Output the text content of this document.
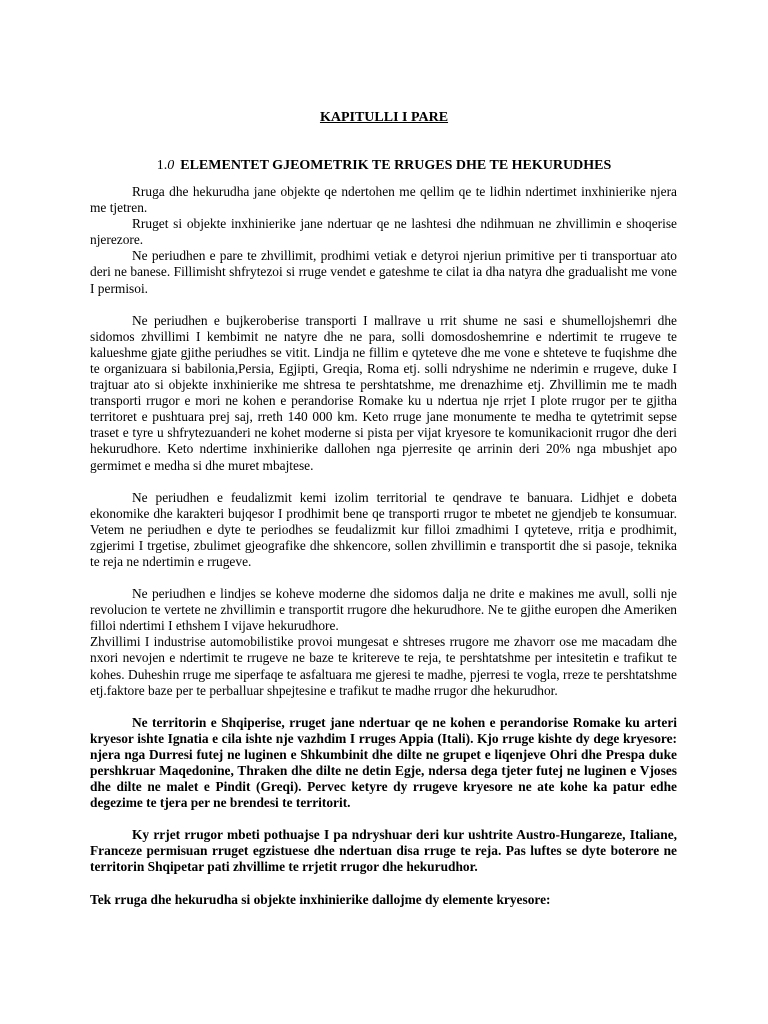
KAPITULLI I PARE
1.0 ELEMENTET GJEOMETRIK TE RRUGES DHE TE HEKURUDHES

Rruga dhe hekurudha jane objekte qe ndertohen me qellim qe te lidhin ndertimet inxhinierike njera me tjetren.

Rruget si objekte inxhinierike jane ndertuar qe ne lashtesi dhe ndihmuan ne zhvillimin e shoqerise njerezore.

Ne periudhen e pare te zhvillimit, prodhimi vetiak e detyroi njeriun primitive per ti transportuar ato deri ne banese. Fillimisht shfrytezoi si rruge vendet e gateshme te cilat ia dha natyra dhe gradualisht me vone I permisoi.

Ne periudhen e bujkeroberise transporti I mallrave u rrit shume ne sasi e shumellojshemri dhe sidomos zhvillimi I kembimit ne natyre dhe ne para, solli domosdoshemrine e ndertimit te rrugeve te kalueshme gjate gjithe periudhes se vitit. Lindja ne fillim e qyteteve dhe me vone e shteteve te fuqishme dhe te organizuara si babilonia,Persia, Egjipti, Greqia, Roma etj. solli ndryshime ne nderimin e rrugeve, duke I trajtuar ato si objekte inxhinierike me shtresa te pershtatshme, me drenazhime etj. Zhvillimin me te madh transporti rrugor e mori ne kohen e perandorise Romake ku u ndertua nje rrjet I plote rrugor per te gjitha territoret e pushtuara prej saj, rreth 140 000 km. Keto rruge jane monumente te medha te qytetrimit sepse traset e tyre u shfrytezuanderi ne kohet moderne si pista per vijat kryesore te komunikacionit rrugor dhe deri hekurudhore. Keto ndertime inxhinierike dallohen nga pjerresite qe arrinin deri 20% nga mbushjet apo germimet e medha si dhe muret mbajtese.

Ne periudhen e feudalizmit kemi izolim territorial te qendrave te banuara. Lidhjet e dobeta ekonomike dhe karakteri bujqesor I prodhimit bene qe transporti rrugor te mbetet ne gjendjeb te konsumuar. Vetem ne periudhen e dyte te periodhes se feudalizmit kur filloi zmadhimi I qyteteve, rritja e prodhimit, zgjerimi I trgetise, zbulimet gjeografike dhe shkencore, sollen zhvillimin e transportit dhe si pasoje, teknika te reja ne ndertimin e rrugeve.

Ne periudhen e lindjes se koheve moderne dhe sidomos dalja ne drite e makines me avull, solli nje revolucion te vertete ne zhvillimin e transportit rrugore dhe hekurudhore. Ne te gjithe europen dhe Ameriken filloi ndertimi I ethshem I vijave hekurudhore.

Zhvillimi I industrise automobilistike provoi mungesat e shtreses rrugore me zhavorr ose me macadam dhe nxori nevojen e ndertimit te rrugeve ne baze te kritereve te reja, te pershtatshme per intesitetin e trafikut te kohes. Duheshin rruge me siperfaqe te asfaltuara me gjeresi te madhe, pjerresi te vogla, rreze te pershtatshme etj.faktore baze per te perballuar shpejtesine e trafikut te madhe rrugor dhe hekurudhor.

Ne territorin e Shqiperise, rruget jane ndertuar qe ne kohen e perandorise Romake ku arteri kryesor ishte Ignatia e cila ishte nje vazhdim I rruges Appia (Itali). Kjo rruge kishte dy dege kryesore: njera nga Durresi futej ne luginen e Shkumbinit dhe dilte ne grupet e liqenjeve Ohri dhe Prespa duke pershkruar Maqedonine, Thraken dhe dilte ne detin Egje, ndersa dega tjeter futej ne luginen e Vjoses dhe dilte ne malet e Pindit (Greqi). Pervec ketyre dy rrugeve kryesore ne ate kohe ka patur edhe degezime te tjera per ne brendesi te territorit.

Ky rrjet rrugor mbeti pothuajse I pa ndryshuar deri kur ushtrite Austro-Hungareze, Italiane, Franceze permisuan rruget egzistuese dhe ndertuan disa rruge te reja. Pas luftes se dyte boterore ne territorin Shqipetar pati zhvillime te rrjetit rrugor dhe hekurudhor.

Tek rruga dhe hekurudha si objekte inxhinierike dallojme dy elemente kryesore:
